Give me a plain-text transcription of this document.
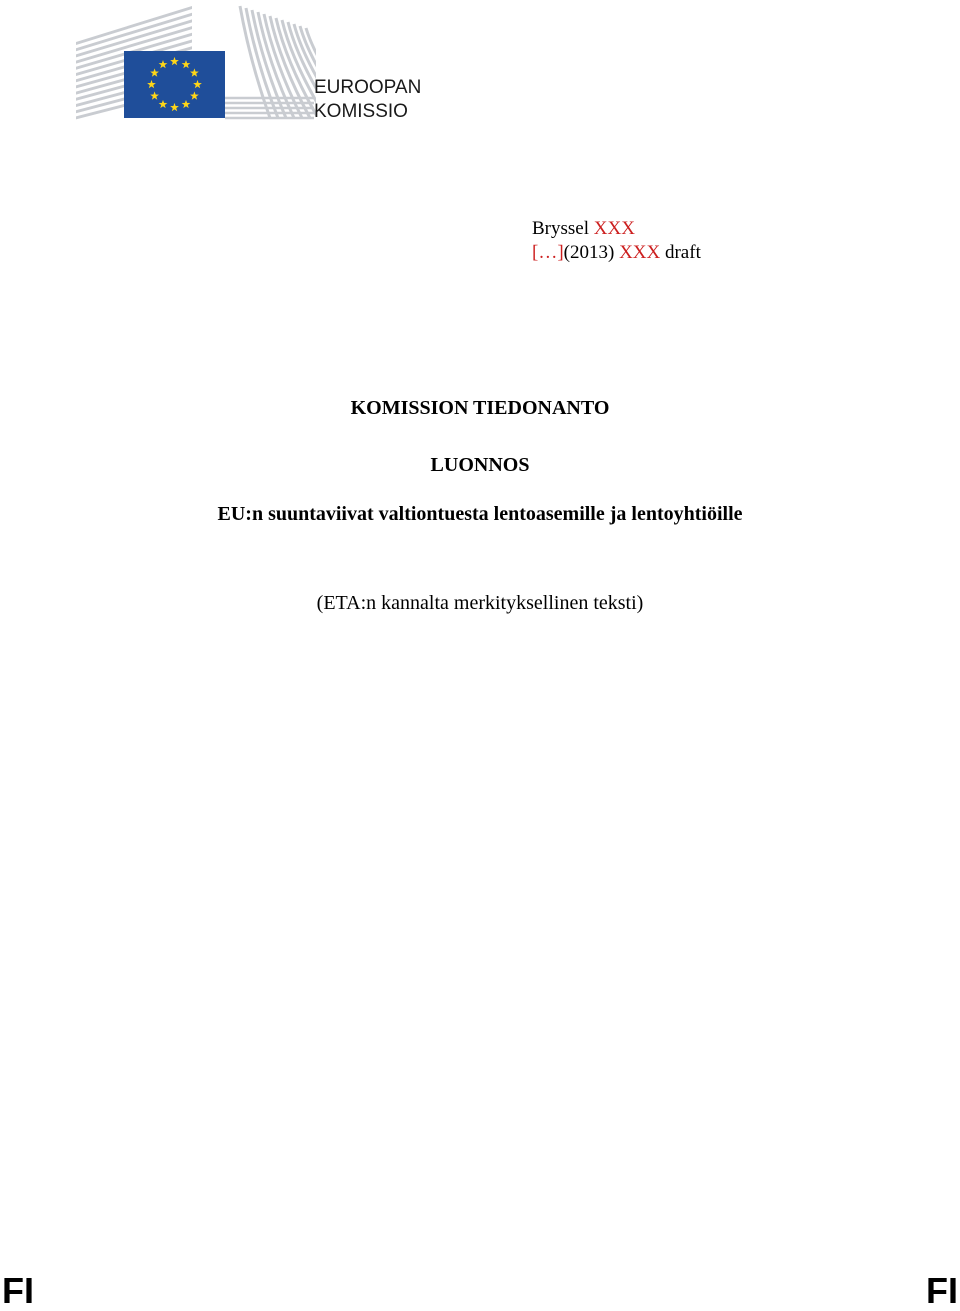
EUROOPAN
KOMISSIO
Bryssel XXX
[…](2013) XXX draft
KOMISSION TIEDONANTO
LUONNOS
EU:n suuntaviivat valtiontuesta lentoasemille ja lentoyhtiöille
(ETA:n kannalta merkityksellinen teksti)
FI	FI
